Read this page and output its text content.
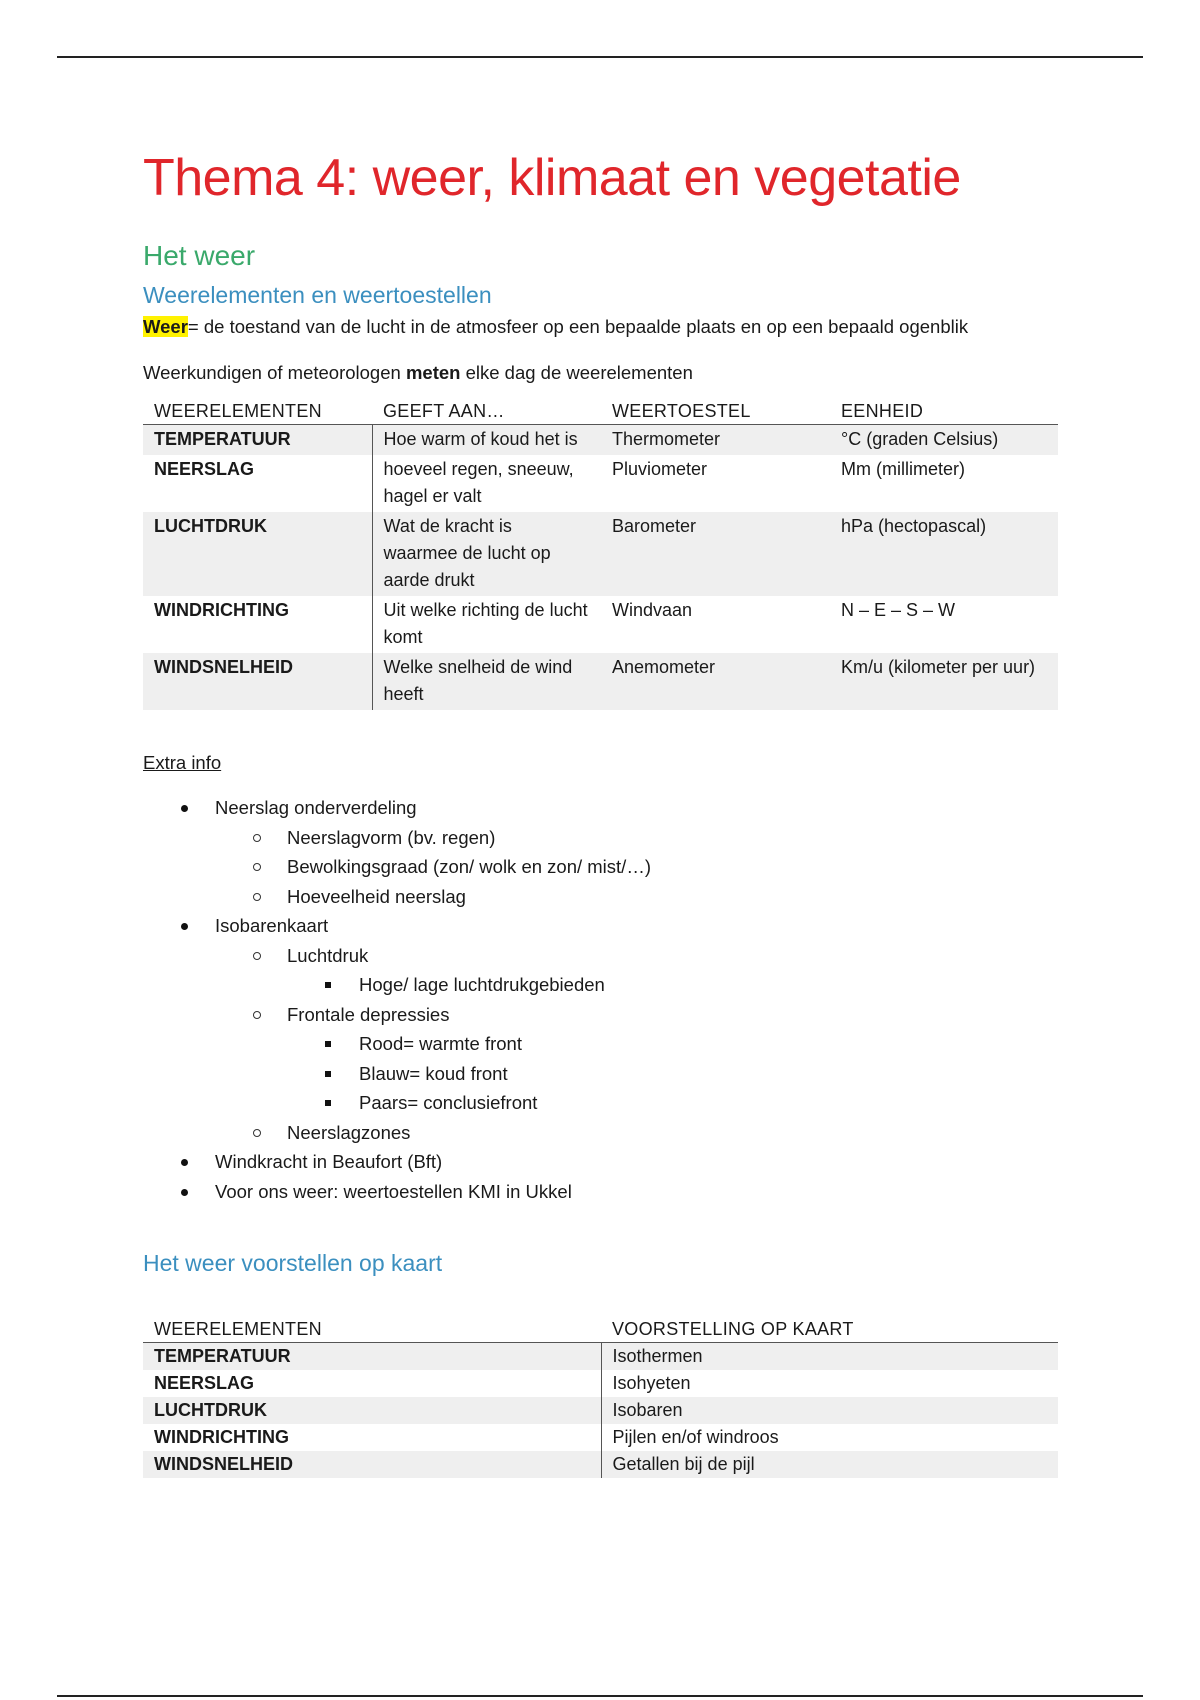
Thema 4: weer, klimaat en vegetatie
Het weer
Weerelementen en weertoestellen

Weer= de toestand van de lucht in de atmosfeer op een bepaalde plaats en op een bepaald ogenblik

Weerkundigen of meteorologen meten elke dag de weerelementen

WEERELEMENTEN	GEEFT AAN…	WEERTOESTEL	EENHEID
TEMPERATUUR	Hoe warm of koud het is	Thermometer	°C (graden Celsius)
NEERSLAG	hoeveel regen, sneeuw, hagel er valt	Pluviometer	Mm (millimeter)
LUCHTDRUK	Wat de kracht is waarmee de lucht op aarde drukt	Barometer	hPa (hectopascal)
WINDRICHTING	Uit welke richting de lucht komt	Windvaan	N – E – S – W
WINDSNELHEID	Welke snelheid de wind heeft	Anemometer	Km/u (kilometer per uur)
Extra info
Neerslag onderverdeling
Neerslagvorm (bv. regen)
Bewolkingsgraad (zon/ wolk en zon/ mist/…)
Hoeveelheid neerslag
Isobarenkaart
Luchtdruk
Hoge/ lage luchtdrukgebieden
Frontale depressies
Rood= warmte front
Blauw= koud front
Paars= conclusiefront
Neerslagzones
Windkracht in Beaufort (Bft)
Voor ons weer: weertoestellen KMI in Ukkel
Het weer voorstellen op kaart
WEERELEMENTEN	VOORSTELLING OP KAART
TEMPERATUUR	Isothermen
NEERSLAG	Isohyeten
LUCHTDRUK	Isobaren
WINDRICHTING	Pijlen en/of windroos
WINDSNELHEID	Getallen bij de pijl
